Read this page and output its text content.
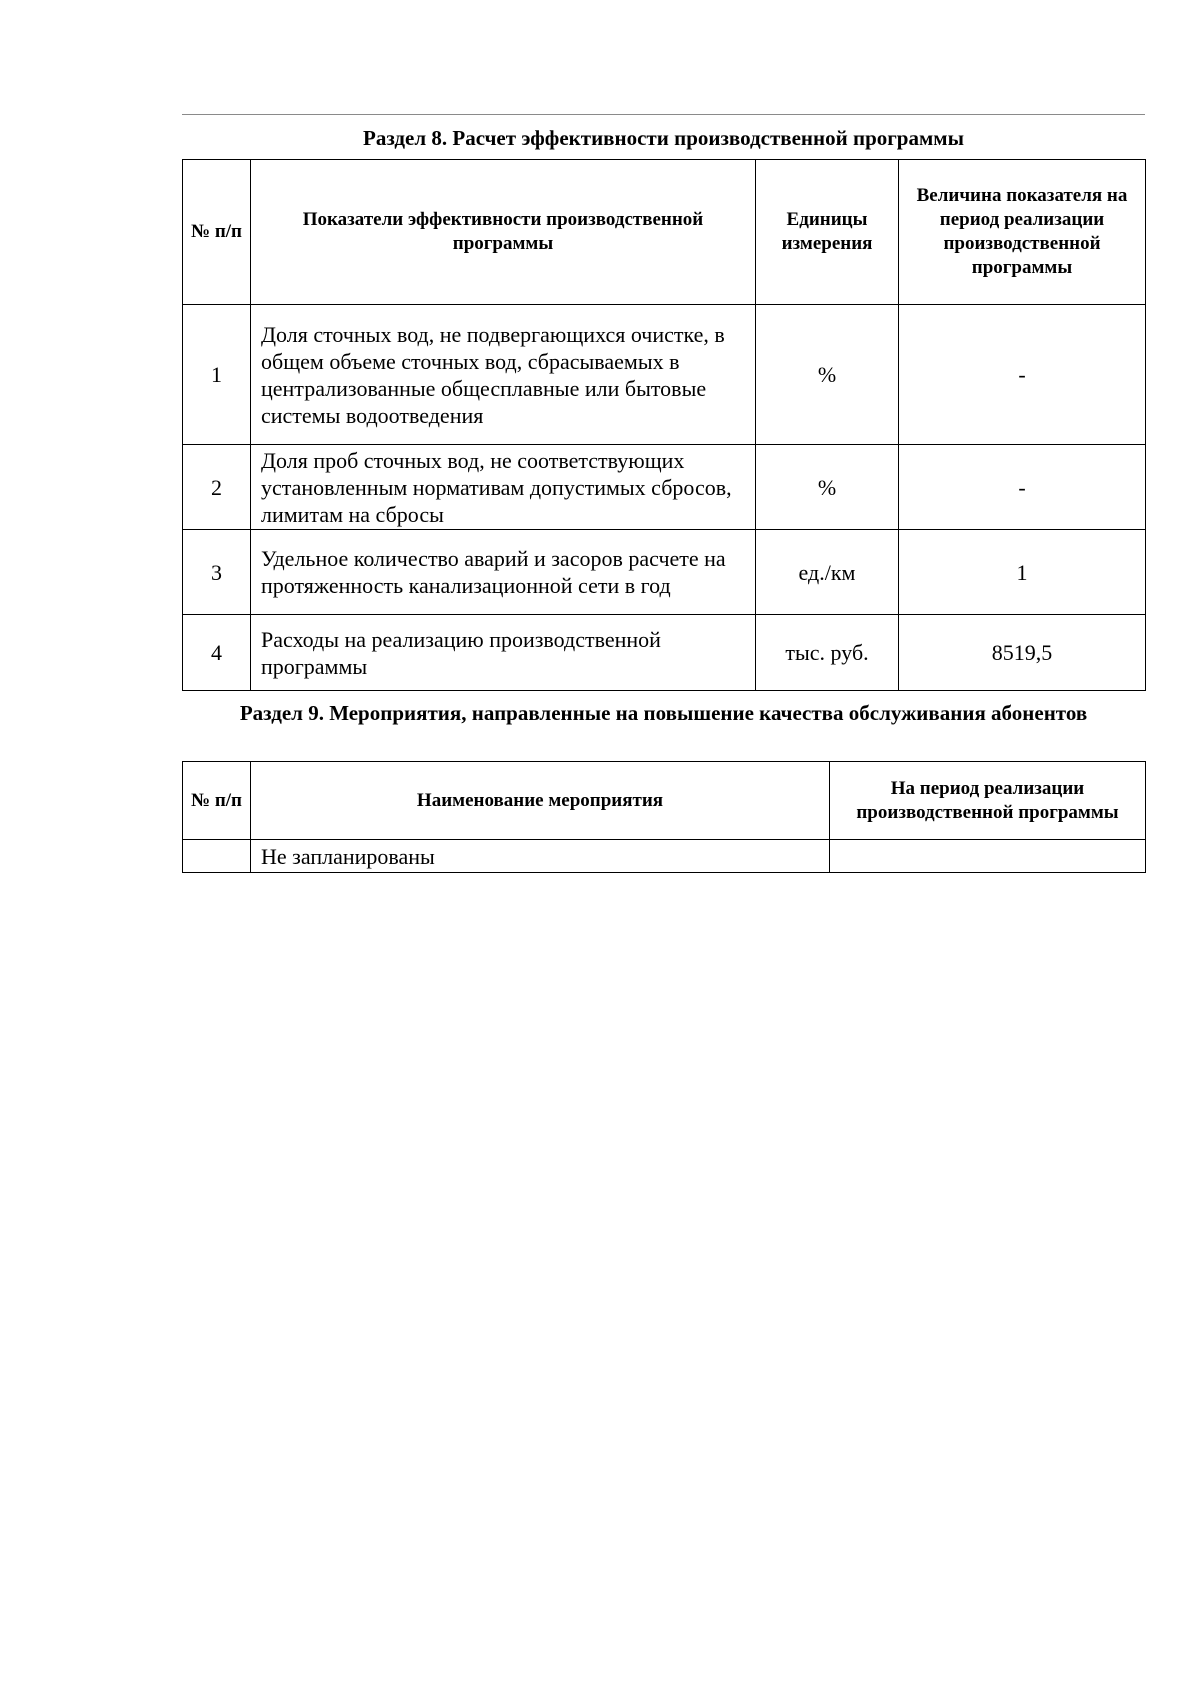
Раздел 8. Расчет эффективности производственной программы
№ п/п	Показатели эффективности производственной программы	Единицы измерения	Величина показателя на период реализации производственной программы
1	Доля сточных вод, не подвергающихся очистке, в общем объеме сточных вод, сбрасываемых в централизованные общесплавные или бытовые системы водоотведения	%	-
2	Доля проб сточных вод, не соответствующих установленным нормативам допустимых сбросов, лимитам на сбросы	%	-
3	Удельное количество аварий и засоров расчете на протяженность канализационной сети в год	ед./км	1
4	Расходы на реализацию производственной программы	тыс. руб.	8519,5
Раздел 9. Мероприятия, направленные на повышение качества обслуживания абонентов
№ п/п	Наименование мероприятия	На период реализации производственной программы
	Не запланированы	
